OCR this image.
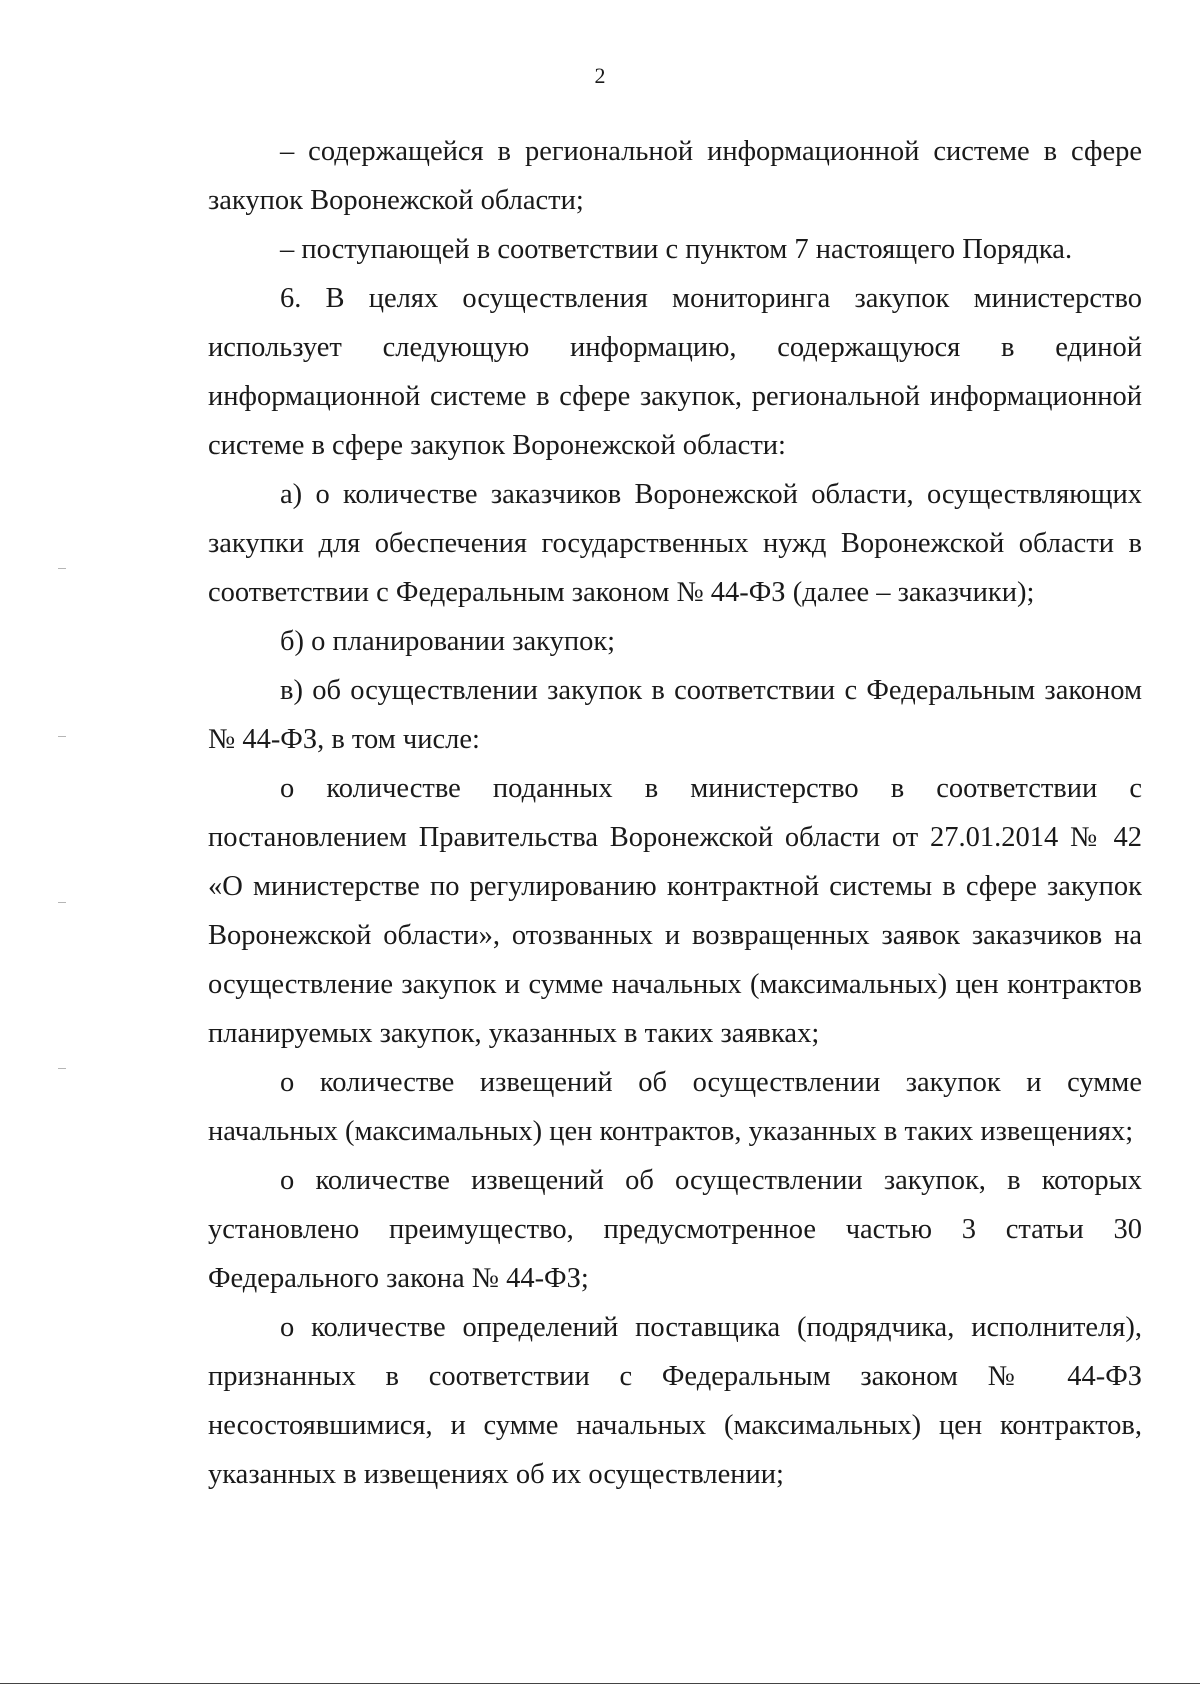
2

– содержащейся в региональной информационной системе в сфере закупок Воронежской области;

– поступающей в соответствии с пунктом 7 настоящего Порядка.

6. В целях осуществления мониторинга закупок министерство использует следующую информацию, содержащуюся в единой информационной системе в сфере закупок, региональной информационной системе в сфере закупок Воронежской области:

а) о количестве заказчиков Воронежской области, осуществляющих закупки для обеспечения государственных нужд Воронежской области в соответствии с Федеральным законом № 44-ФЗ (далее – заказчики);

б) о планировании закупок;

в) об осуществлении закупок в соответствии с Федеральным законом № 44-ФЗ, в том числе:

о количестве поданных в министерство в соответствии с постановлением Правительства Воронежской области от 27.01.2014 № 42 «О министерстве по регулированию контрактной системы в сфере закупок Воронежской области», отозванных и возвращенных заявок заказчиков на осуществление закупок и сумме начальных (максимальных) цен контрактов планируемых закупок, указанных в таких заявках;

о количестве извещений об осуществлении закупок и сумме начальных (максимальных) цен контрактов, указанных в таких извещениях;

о количестве извещений об осуществлении закупок, в которых установлено преимущество, предусмотренное частью 3 статьи 30 Федерального закона № 44-ФЗ;

о количестве определений поставщика (подрядчика, исполнителя), признанных в соответствии с Федеральным законом № 44-ФЗ несостоявшимися, и сумме начальных (максимальных) цен контрактов, указанных в извещениях об их осуществлении;
